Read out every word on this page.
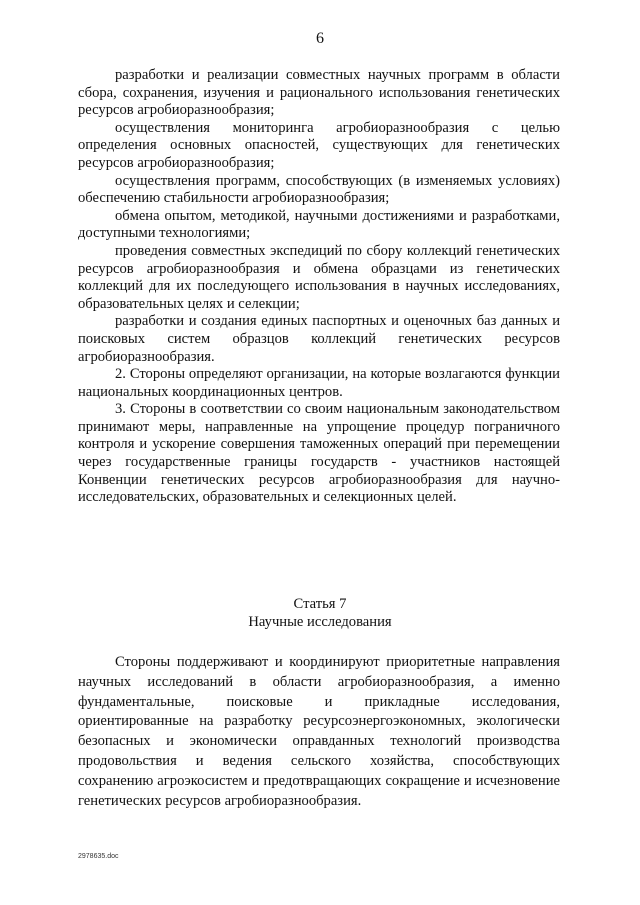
6

разработки и реализации совместных научных программ в области сбора, сохранения, изучения и рационального использования генетических ресурсов агробиоразнообразия;

осуществления мониторинга агробиоразнообразия с целью определения основных опасностей, существующих для генетических ресурсов агробиоразнообразия;

осуществления программ, способствующих (в изменяемых условиях) обеспечению стабильности агробиоразнообразия;

обмена опытом, методикой, научными достижениями и разработками, доступными технологиями;

проведения совместных экспедиций по сбору коллекций генетических ресурсов агробиоразнообразия и обмена образцами из генетических коллекций для их последующего использования в научных исследованиях, образовательных целях и селекции;

разработки и создания единых паспортных и оценочных баз данных и поисковых систем образцов коллекций генетических ресурсов агробиоразнообразия.

2. Стороны определяют организации, на которые возлагаются функции национальных координационных центров.

3. Стороны в соответствии со своим национальным законодательством принимают меры, направленные на упрощение процедур пограничного контроля и ускорение совершения таможенных операций при перемещении через государственные границы государств - участников настоящей Конвенции генетических ресурсов агробиоразнообразия для научно-исследовательских, образовательных и селекционных целей.

Статья 7
Научные исследования

Стороны поддерживают и координируют приоритетные направления научных исследований в области агробиоразнообразия, а именно фундаментальные, поисковые и прикладные исследования, ориентированные на разработку ресурсоэнергоэкономных, экологически безопасных и экономически оправданных технологий производства продовольствия и ведения сельского хозяйства, способствующих сохранению агроэкосистем и предотвращающих сокращение и исчезновение генетических ресурсов агробиоразнообразия.

2978635.doc
